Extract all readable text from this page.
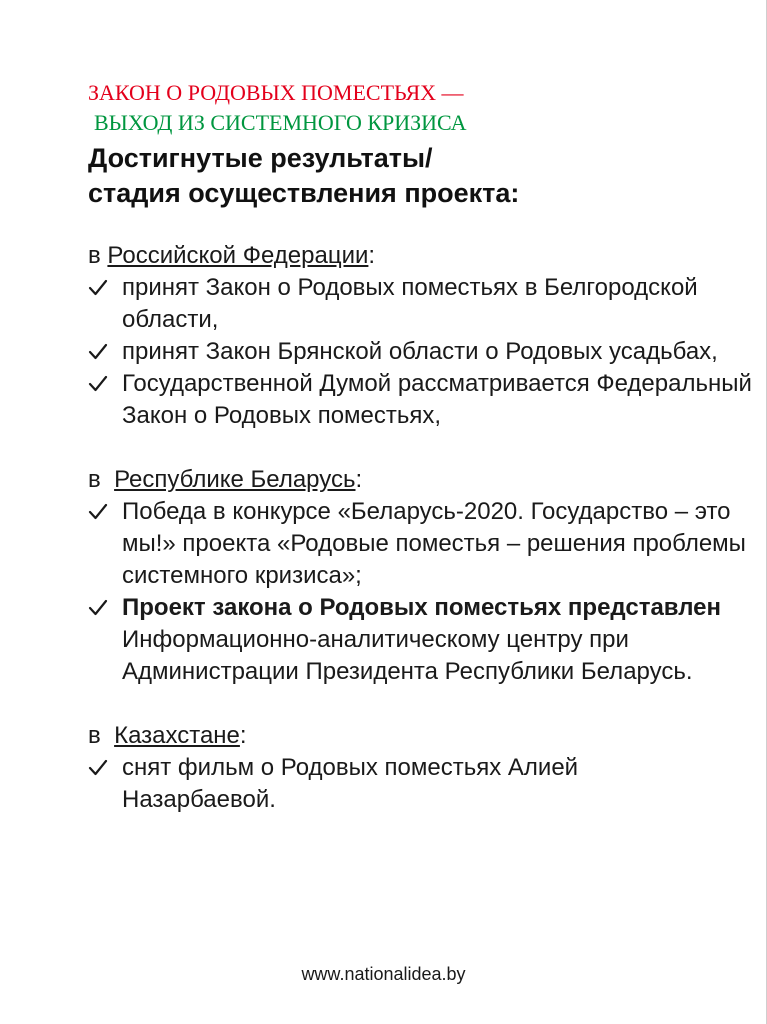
ЗАКОН О РОДОВЫХ ПОМЕСТЬЯХ —
ВЫХОД ИЗ СИСТЕМНОГО КРИЗИСА
Достигнутые результаты/
стадия осуществления проекта:
в Российской Федерации:
принят Закон о Родовых поместьях в Белгородской области,
принят Закон Брянской области о Родовых усадьбах,
Государственной Думой рассматривается Федеральный Закон о Родовых поместьях,
в  Республике Беларусь:
Победа в конкурсе «Беларусь-2020. Государство – это мы!» проекта «Родовые поместья – решения проблемы системного кризиса»;
Проект закона о Родовых поместьях представлен Информационно-аналитическому центру при Администрации Президента Республики Беларусь.
в  Казахстане:
снят фильм о Родовых поместьях Алией Назарбаевой.
www.nationalidea.by
